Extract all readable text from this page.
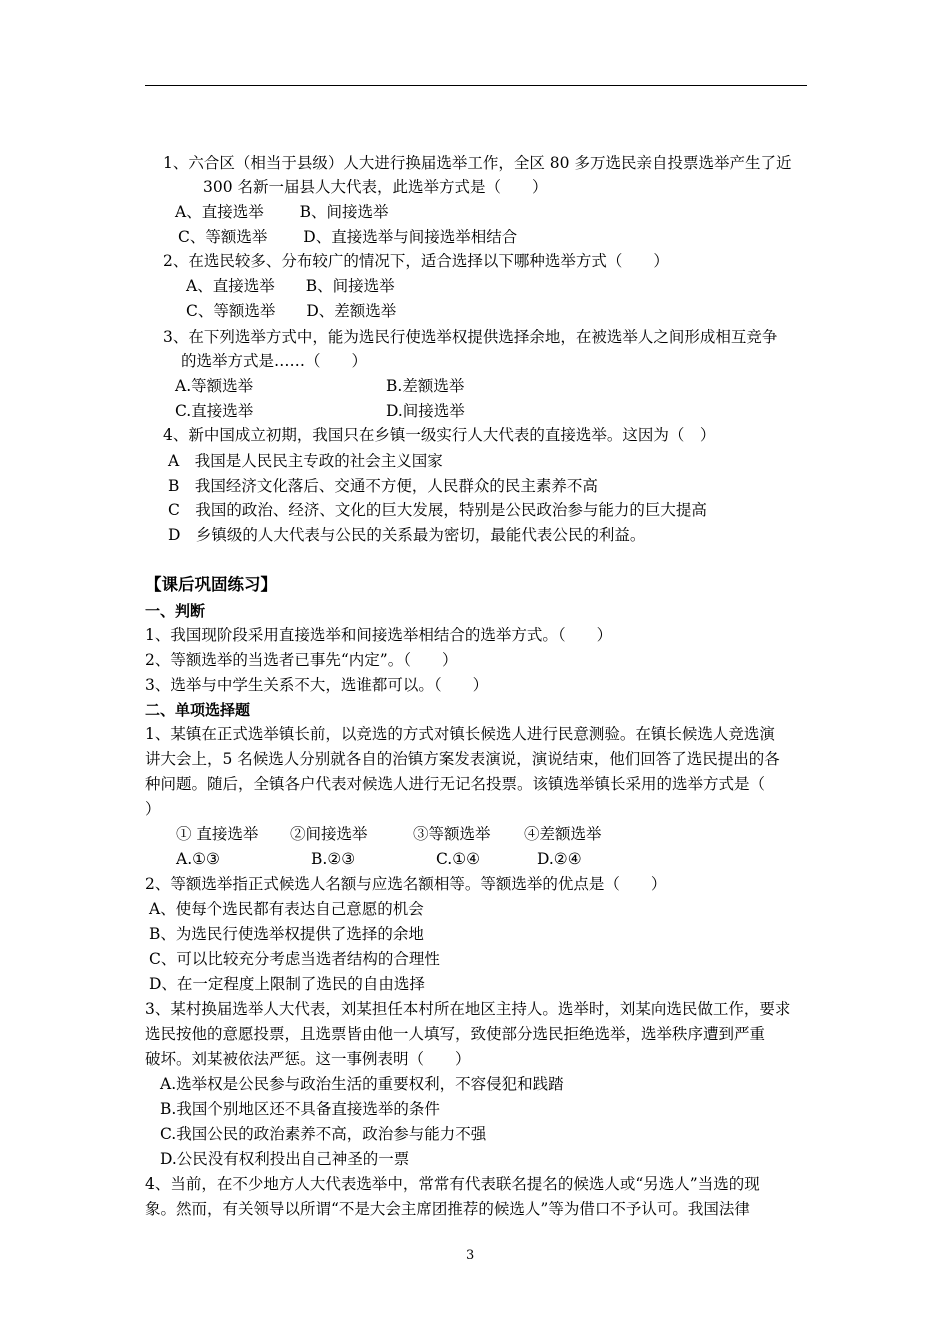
1、六合区（相当于县级）人大进行换届选举工作，全区 80 多万选民亲自投票选举产生了近
300 名新一届县人大代表，此选举方式是（　　）
A、直接选举　　 B、间接选举
C、等额选举　　 D、直接选举与间接选举相结合
2、在选民较多、分布较广的情况下，适合选择以下哪种选举方式（　　）
A、直接选举　　B、间接选举
C、等额选举　　D、差额选举
3、在下列选举方式中，能为选民行使选举权提供选择余地，在被选举人之间形成相互竞争
的选举方式是……（　　）
A.等额选举	B.差额选举
C.直接选举	D.间接选举
4、新中国成立初期，我国只在乡镇一级实行人大代表的直接选举。这因为（　）
A　我国是人民民主专政的社会主义国家
B　我国经济文化落后、交通不方便，人民群众的民主素养不高
C　我国的政治、经济、文化的巨大发展，特别是公民政治参与能力的巨大提高
D　乡镇级的人大代表与公民的关系最为密切，最能代表公民的利益。
【课后巩固练习】
一、判断
1、我国现阶段采用直接选举和间接选举相结合的选举方式。（　　）
2、等额选举的当选者已事先“内定”。（　　）
3、选举与中学生关系不大，选谁都可以。（　　）
二、单项选择题
1、某镇在正式选举镇长前，以竞选的方式对镇长候选人进行民意测验。在镇长候选人竞选演
讲大会上，5 名候选人分别就各自的治镇方案发表演说，演说结束，他们回答了选民提出的各
种问题。随后，全镇各户代表对候选人进行无记名投票。该镇选举镇长采用的选举方式是（
）
① 直接选举 ②间接选举	③等额选举 ④差额选举
A.①③	B.②③	C.①④	D.②④
2、等额选举指正式候选人名额与应选名额相等。等额选举的优点是（　　）
A、使每个选民都有表达自己意愿的机会
B、为选民行使选举权提供了选择的余地
C、可以比较充分考虑当选者结构的合理性
D、在一定程度上限制了选民的自由选择
3、某村换届选举人大代表，刘某担任本村所在地区主持人。选举时，刘某向选民做工作，要求
选民按他的意愿投票，且选票皆由他一人填写，致使部分选民拒绝选举，选举秩序遭到严重
破坏。刘某被依法严惩。这一事例表明（　　）
A.选举权是公民参与政治生活的重要权利，不容侵犯和践踏
B.我国个别地区还不具备直接选举的条件
C.我国公民的政治素养不高，政治参与能力不强
D.公民没有权利投出自己神圣的一票
4、当前，在不少地方人大代表选举中，常常有代表联名提名的候选人或“另选人”当选的现
象。然而，有关领导以所谓“不是大会主席团推荐的候选人”等为借口不予认可。我国法律
3
